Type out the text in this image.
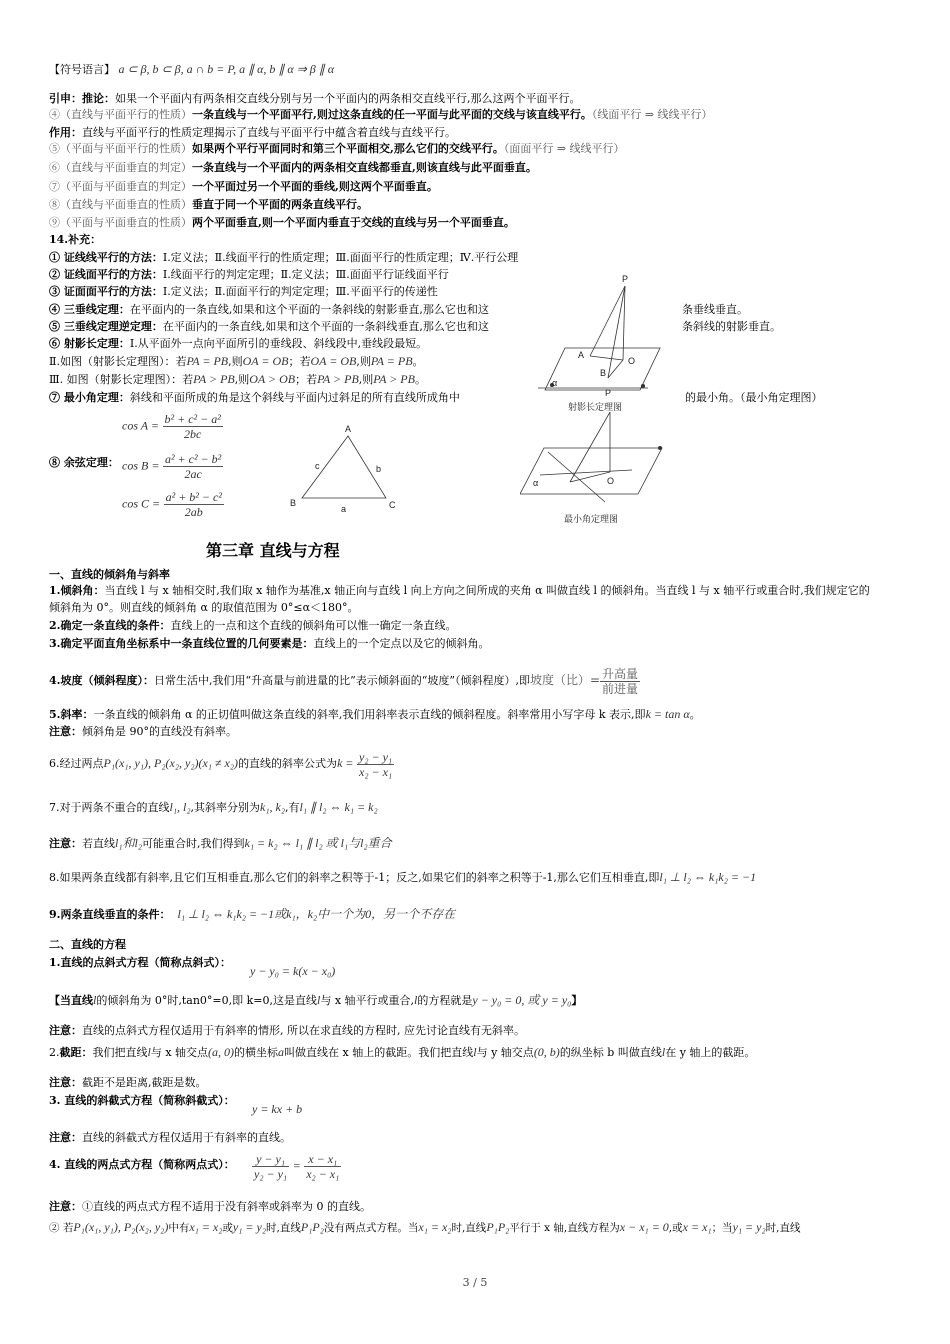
【符号语言】 a ⊂ β, b ⊂ β, a ∩ b = P, a ∥ α, b ∥ α ⇒ β ∥ α
引申：推论：如果一个平面内有两条相交直线分别与另一个平面内的两条相交直线平行,那么这两个平面平行。
④（直线与平面平行的性质）一条直线与一个平面平行,则过这条直线的任一平面与此平面的交线与该直线平行。（线面平行 ⇒ 线线平行）
作用：直线与平面平行的性质定理揭示了直线与平面平行中蕴含着直线与直线平行。
⑤（平面与平面平行的性质）如果两个平行平面同时和第三个平面相交,那么它们的交线平行。（面面平行 ⇒ 线线平行）
⑥（直线与平面垂直的判定）一条直线与一个平面内的两条相交直线都垂直,则该直线与此平面垂直。
⑦（平面与平面垂直的判定）一个平面过另一个平面的垂线,则这两个平面垂直。
⑧（直线与平面垂直的性质）垂直于同一个平面的两条直线平行。
⑨（平面与平面垂直的性质）两个平面垂直,则一个平面内垂直于交线的直线与另一个平面垂直。
14.补充：
① 证线线平行的方法：Ⅰ.定义法；Ⅱ.线面平行的性质定理；Ⅲ.面面平行的性质定理；Ⅳ.平行公理
② 证线面平行的方法：Ⅰ.线面平行的判定定理；Ⅱ.定义法；Ⅲ.面面平行证线面平行
③ 证面面平行的方法：Ⅰ.定义法；Ⅱ.面面平行的判定定理；Ⅲ.平面平行的传递性
④ 三垂线定理：在平面内的一条直线,如果和这个平面的一条斜线的射影垂直,那么它也和这	条垂线垂直。
⑤ 三垂线定理逆定理：在平面内的一条直线,如果和这个平面的一条斜线垂直,那么它也和这	条斜线的射影垂直。
⑥ 射影长定理：Ⅰ.从平面外一点向平面所引的垂线段、斜线段中,垂线段最短。
Ⅱ.如图（射影长定理图）：若PA = PB,则OA = OB；若OA = OB,则PA = PB。
Ⅲ. 如图（射影长定理图）：若PA > PB,则OA > OB；若PA > PB,则PA > PB。
⑦ 最小角定理：斜线和平面所成的角是这个斜线与平面内过斜足的所有直线所成角中	的最小角。（最小角定理图）
⑧ 余弦定理：
$\cos A = \frac{\text{b² + c² − a²}}{2bc}$
$\cos B = \frac{\text{a² + c² − b²}}{2ac}$
$\cos C = \frac{\text{a² + b² − c²}}{2ab}$
P
A
O
B
α
P
射影长定理图
A
B	C
a
b
c
α	O
最小角定理图
第三章 直线与方程
一、直线的倾斜角与斜率
1.倾斜角：当直线 l 与 x 轴相交时,我们取 x 轴作为基准,x 轴正向与直线 l 向上方向之间所成的夹角 α 叫做直线 l 的倾斜角。当直线 l 与 x 轴平行或重合时,我们规定它的
倾斜角为 0°。则直线的倾斜角 α 的取值范围为 0°≤α＜180°。
2.确定一条直线的条件：直线上的一点和这个直线的倾斜角可以惟一确定一条直线。
3.确定平面直角坐标系中一条直线位置的几何要素是：直线上的一个定点以及它的倾斜角。
4.坡度（倾斜程度）：日常生活中,我们用“升高量与前进量的比”表示倾斜面的“坡度”（倾斜程度）,即坡度（比）= 升高量
前进量
5.斜率：一条直线的倾斜角 α 的正切值叫做这条直线的斜率,我们用斜率表示直线的倾斜程度。斜率常用小写字母 k 表示,即k = tan α。
注意：倾斜角是 90°的直线没有斜率。
6.经过两点P₁(x₁, y₁), P₂(x₂, y₂)(x₁ ≠ x₂)的直线的斜率公式为$k = \frac{\text{y₂ − y₁}}{\text{x₂ − x₁}}$
7.对于两条不重合的直线l₁, l₂,其斜率分别为k₁, k₂,有l₁ ∥ l₂ ⇔ k₁ = k₂
注意：若直线l₁和l₂可能重合时,我们得到k₁ = k₂ ⇔ l₁ ∥ l₂ 或 l₁与l₂重合
8.如果两条直线都有斜率,且它们互相垂直,那么它们的斜率之积等于-1；反之,如果它们的斜率之积等于-1,那么它们互相垂直,即l₁ ⊥ l₂ ⇔ k₁k₂ = −1
9.两条直线垂直的条件： l₁ ⊥ l₂ ⇔ k₁k₂ = −1或k₁，k₂中一个为0，另一个不存在
二、直线的方程
1.直线的点斜式方程（简称点斜式）：
y − y₀ = k(x − x₀)
【当直线l的倾斜角为 0°时,tan0°=0,即 k=0,这是直线l与 x 轴平行或重合,l的方程就是y − y₀ = 0, 或 y = y₀】
注意：直线的点斜式方程仅适用于有斜率的情形, 所以在求直线的方程时, 应先讨论直线有无斜率。
2.截距：我们把直线l与 x 轴交点(a, 0)的横坐标a叫做直线在 x 轴上的截距。我们把直线l与 y 轴交点(0, b)的纵坐标 b 叫做直线l在 y 轴上的截距。
注意：截距不是距离,截距是数。
3. 直线的斜截式方程（简称斜截式）：
y = kx + b
注意：直线的斜截式方程仅适用于有斜率的直线。
4. 直线的两点式方程（简称两点式）： $\frac{\text{y − y₁}}{\text{y₂ − y₁}} = \frac{\text{x − x₁}}{\text{x₂ − x₁}}$
注意：①直线的两点式方程不适用于没有斜率或斜率为 0 的直线。
② 若P₁(x₁, y₁), P₂(x₂, y₂)中有x₁ = x₂或y₁ = y₂时,直线P₁P₂没有两点式方程。当x₁ = x₂时,直线P₁P₂平行于 x 轴,直线方程为x − x₁ = 0,或x = x₁；当y₁ = y₂时,直线
3 / 5
